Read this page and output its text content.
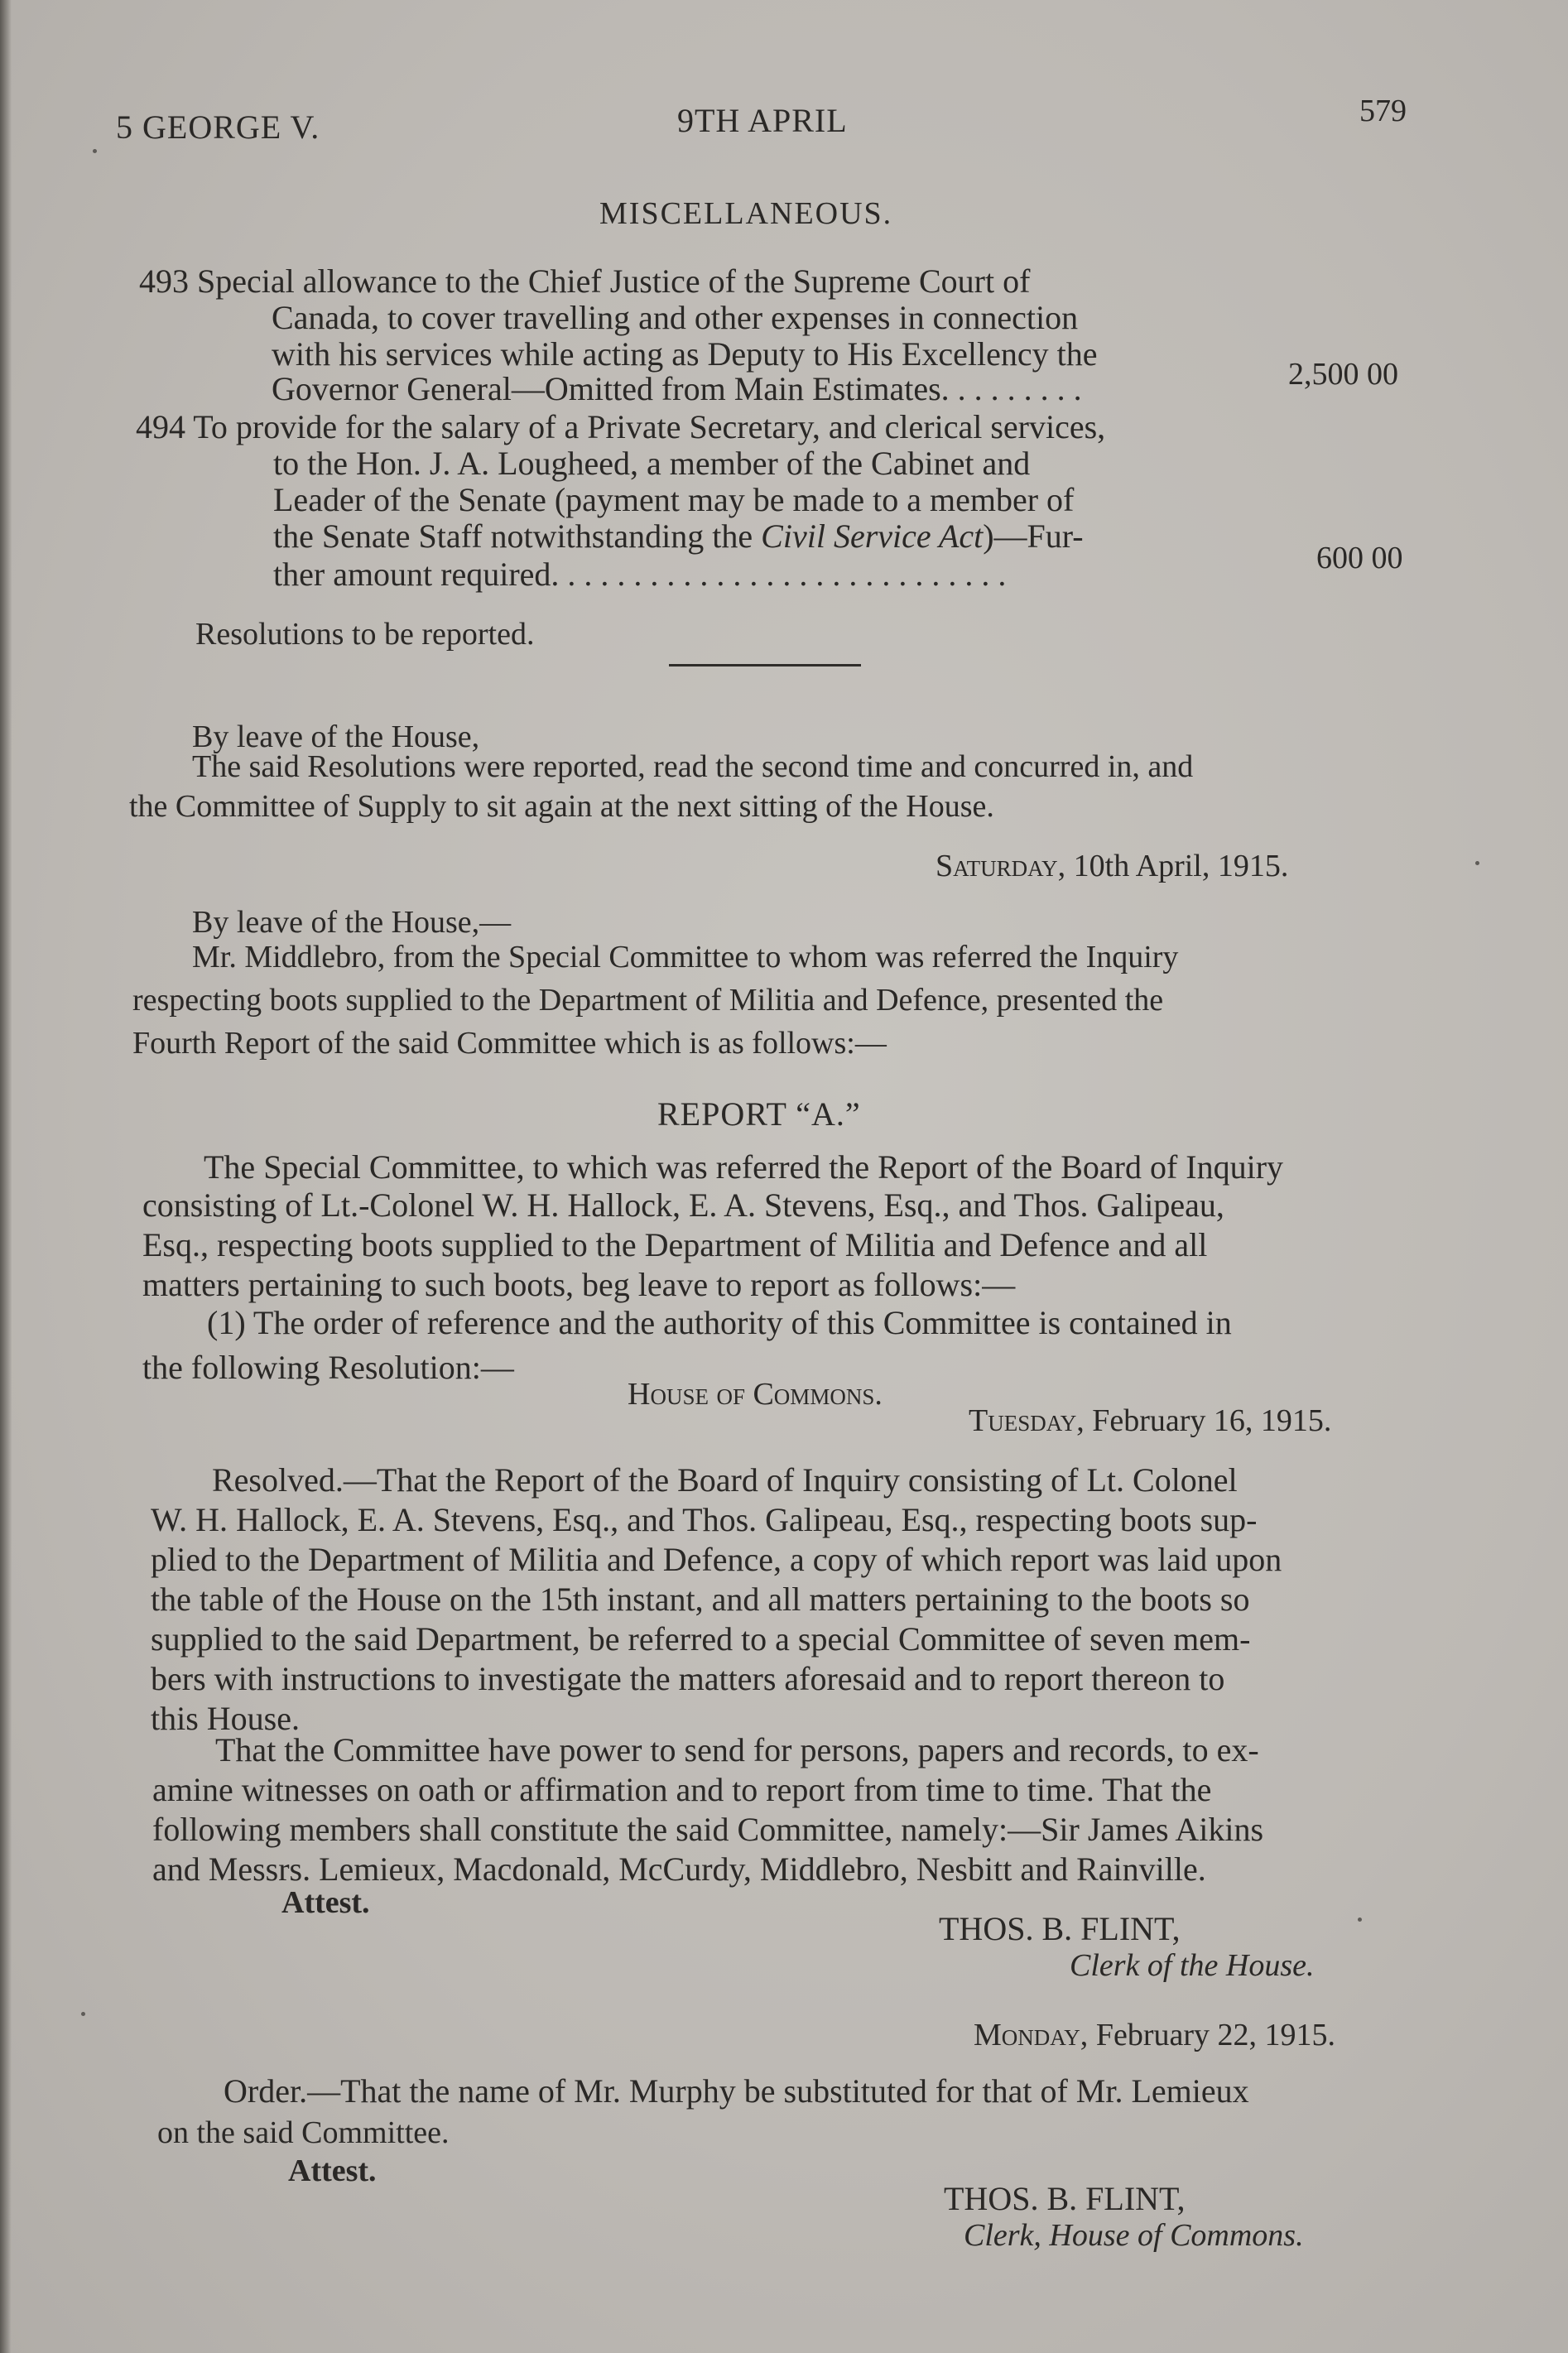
5 GEORGE V.	9TH APRIL	579
MISCELLANEOUS.
493 Special allowance to the Chief Justice of the Supreme Court of
Canada, to cover travelling and other expenses in connection
with his services while acting as Deputy to His Excellency the
Governor General—Omitted from Main Estimates. . . . . . . . .	2,500 00
494 To provide for the salary of a Private Secretary, and clerical services,
to the Hon. J. A. Lougheed, a member of the Cabinet and
Leader of the Senate (payment may be made to a member of
the Senate Staff notwithstanding the Civil Service Act)—Fur-
ther amount required. . . . . . . . . . . . . . . . . . . . . . . . . . . .	600 00
Resolutions to be reported.
By leave of the House,
The said Resolutions were reported, read the second time and concurred in, and
the Committee of Supply to sit again at the next sitting of the House.
Saturday, 10th April, 1915.
By leave of the House,—
Mr. Middlebro, from the Special Committee to whom was referred the Inquiry
respecting boots supplied to the Department of Militia and Defence, presented the
Fourth Report of the said Committee which is as follows:—
REPORT “A.”
The Special Committee, to which was referred the Report of the Board of Inquiry
consisting of Lt.-Colonel W. H. Hallock, E. A. Stevens, Esq., and Thos. Galipeau,
Esq., respecting boots supplied to the Department of Militia and Defence and all
matters pertaining to such boots, beg leave to report as follows:—
(1) The order of reference and the authority of this Committee is contained in
the following Resolution:—
House of Commons.
Tuesday, February 16, 1915.
Resolved.—That the Report of the Board of Inquiry consisting of Lt. Colonel
W. H. Hallock, E. A. Stevens, Esq., and Thos. Galipeau, Esq., respecting boots sup-
plied to the Department of Militia and Defence, a copy of which report was laid upon
the table of the House on the 15th instant, and all matters pertaining to the boots so
supplied to the said Department, be referred to a special Committee of seven mem-
bers with instructions to investigate the matters aforesaid and to report thereon to
this House.
That the Committee have power to send for persons, papers and records, to ex-
amine witnesses on oath or affirmation and to report from time to time. That the
following members shall constitute the said Committee, namely:—Sir James Aikins
and Messrs. Lemieux, Macdonald, McCurdy, Middlebro, Nesbitt and Rainville.
Attest.
THOS. B. FLINT,
Clerk of the House.
Monday, February 22, 1915.
Order.—That the name of Mr. Murphy be substituted for that of Mr. Lemieux
on the said Committee.
Attest.
THOS. B. FLINT,
Clerk, House of Commons.
